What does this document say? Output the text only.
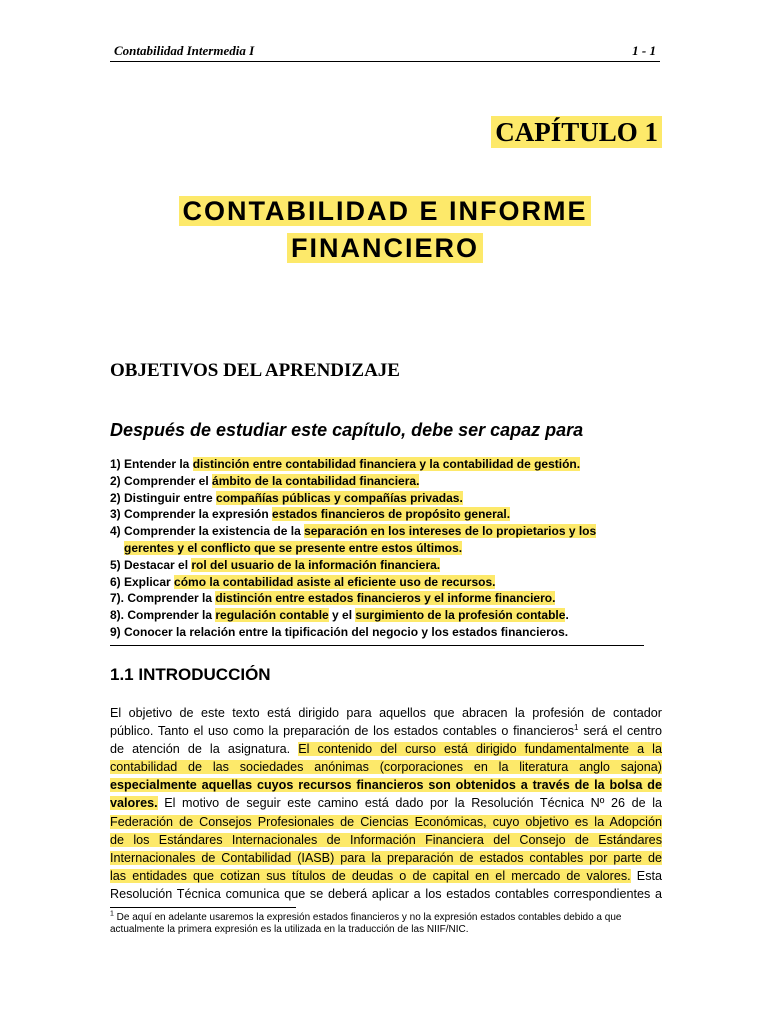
Contabilidad Intermedia I	1 - 1
CAPÍTULO 1
CONTABILIDAD E INFORME
FINANCIERO
OBJETIVOS DEL APRENDIZAJE
Después de estudiar este capítulo, debe ser capaz para
1) Entender la distinción entre contabilidad financiera y la contabilidad de gestión.
2) Comprender el ámbito de la contabilidad financiera.
2) Distinguir entre compañías públicas y compañías privadas.
3) Comprender la expresión estados financieros de propósito general.
4) Comprender la existencia de la separación en los intereses de lo propietarios y los
gerentes y el conflicto que se presente entre estos últimos.
5) Destacar el rol del usuario de la información financiera.
6) Explicar cómo la contabilidad asiste al eficiente uso de recursos.
7). Comprender la distinción entre estados financieros y el informe financiero.
8). Comprender la regulación contable y el surgimiento de la profesión contable.
9) Conocer la relación entre la tipificación del negocio y los estados financieros.
1.1 INTRODUCCIÓN
El objetivo de este texto está dirigido para aquellos que abracen la profesión de contador
público. Tanto el uso como la preparación de los estados contables o financieros$^1$ será el centro
de atención de la asignatura. El contenido del curso está dirigido fundamentalmente a la
contabilidad de las sociedades anónimas (corporaciones en la literatura anglo sajona)
especialmente aquellas cuyos recursos financieros son obtenidos a través de la bolsa de
valores. El motivo de seguir este camino está dado por la Resolución Técnica Nº 26 de la
Federación de Consejos Profesionales de Ciencias Económicas, cuyo objetivo es la Adopción
de los Estándares Internacionales de Información Financiera del Consejo de Estándares
Internacionales de Contabilidad (IASB) para la preparación de estados contables por parte de
las entidades que cotizan sus títulos de deudas o de capital en el mercado de valores. Esta
Resolución Técnica comunica que se deberá aplicar a los estados contables correspondientes a
$^1$ De aquí en adelante usaremos la expresión estados financieros y no la expresión estados contables debido a que
actualmente la primera expresión es la utilizada en la traducción de las NIIF/NIC.
